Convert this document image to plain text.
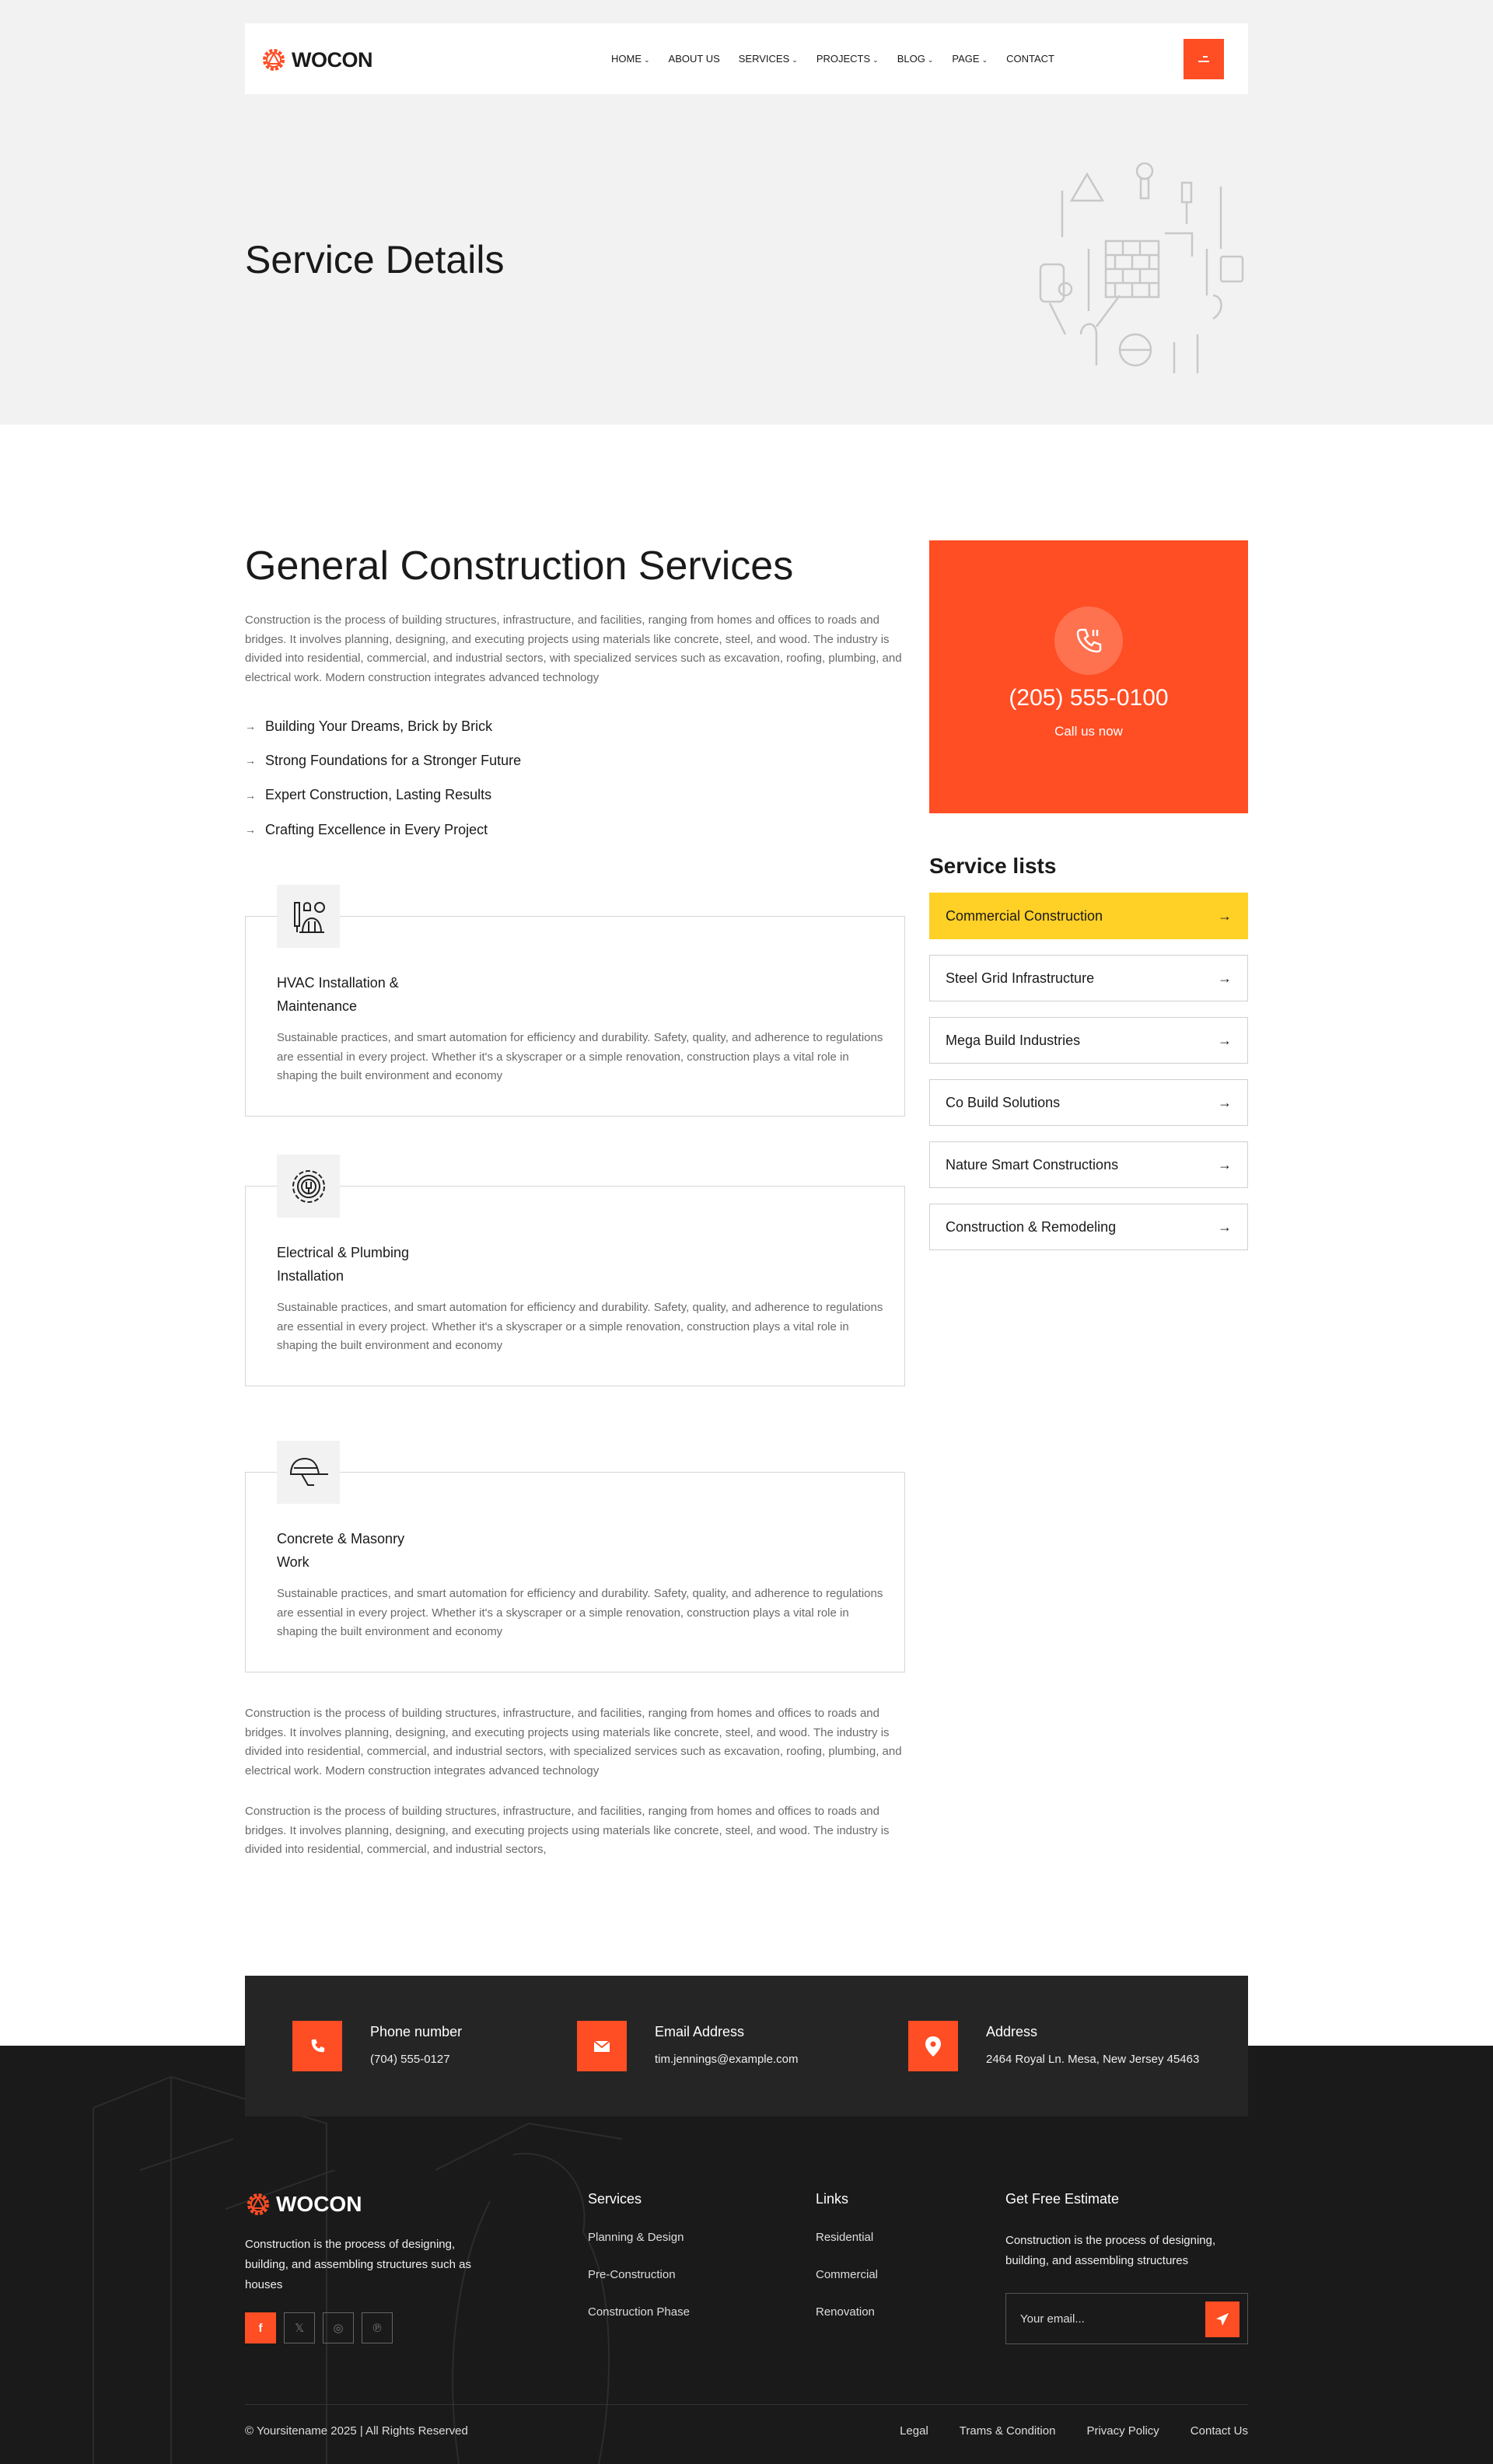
WOCON	HOME ⌄ ABOUT US SERVICES ⌄ PROJECTS ⌄ BLOG ⌄ PAGE ⌄ CONTACT
Service Details
General Construction Services

Construction is the process of building structures, infrastructure, and facilities, ranging from homes and offices to roads and bridges. It involves planning, designing, and executing projects using materials like concrete, steel, and wood. The industry is divided into residential, commercial, and industrial sectors, with specialized services such as excavation, roofing, plumbing, and electrical work. Modern construction integrates advanced technology

→ Building Your Dreams, Brick by Brick
→ Strong Foundations for a Stronger Future
→ Expert Construction, Lasting Results
→ Crafting Excellence in Every Project
HVAC Installation &
Maintenance
Sustainable practices, and smart automation for efficiency and durability. Safety, quality, and adherence to regulations are essential in every project. Whether it's a skyscraper or a simple renovation, construction plays a vital role in shaping the built environment and economy
Electrical & Plumbing
Installation
Sustainable practices, and smart automation for efficiency and durability. Safety, quality, and adherence to regulations are essential in every project. Whether it's a skyscraper or a simple renovation, construction plays a vital role in shaping the built environment and economy
Concrete & Masonry
Work
Sustainable practices, and smart automation for efficiency and durability. Safety, quality, and adherence to regulations are essential in every project. Whether it's a skyscraper or a simple renovation, construction plays a vital role in shaping the built environment and economy

Construction is the process of building structures, infrastructure, and facilities, ranging from homes and offices to roads and bridges. It involves planning, designing, and executing projects using materials like concrete, steel, and wood. The industry is divided into residential, commercial, and industrial sectors, with specialized services such as excavation, roofing, plumbing, and electrical work. Modern construction integrates advanced technology

Construction is the process of building structures, infrastructure, and facilities, ranging from homes and offices to roads and bridges. It involves planning, designing, and executing projects using materials like concrete, steel, and wood. The industry is divided into residential, commercial, and industrial sectors,

(205) 555-0100
Call us now
Service lists
Commercial Construction	→
Steel Grid Infrastructure	→
Mega Build Industries	→
Co Build Solutions	→
Nature Smart Constructions	→
Construction & Remodeling	→
Phone number
(704) 555-0127
Email Address
tim.jennings@example.com
Address
2464 Royal Ln. Mesa, New Jersey 45463
WOCON

Construction is the process of designing, building, and assembling structures such as houses

f	𝕏	◎	℗
Services
Planning & Design
Pre-Construction
Construction Phase
Links
Residential
Commercial
Renovation
Get Free Estimate

Construction is the process of designing, building, and assembling structures

Your email...
© Yoursitename 2025 | All Rights Reserved	Legal	Trams & Condition	Privacy Policy	Contact Us
